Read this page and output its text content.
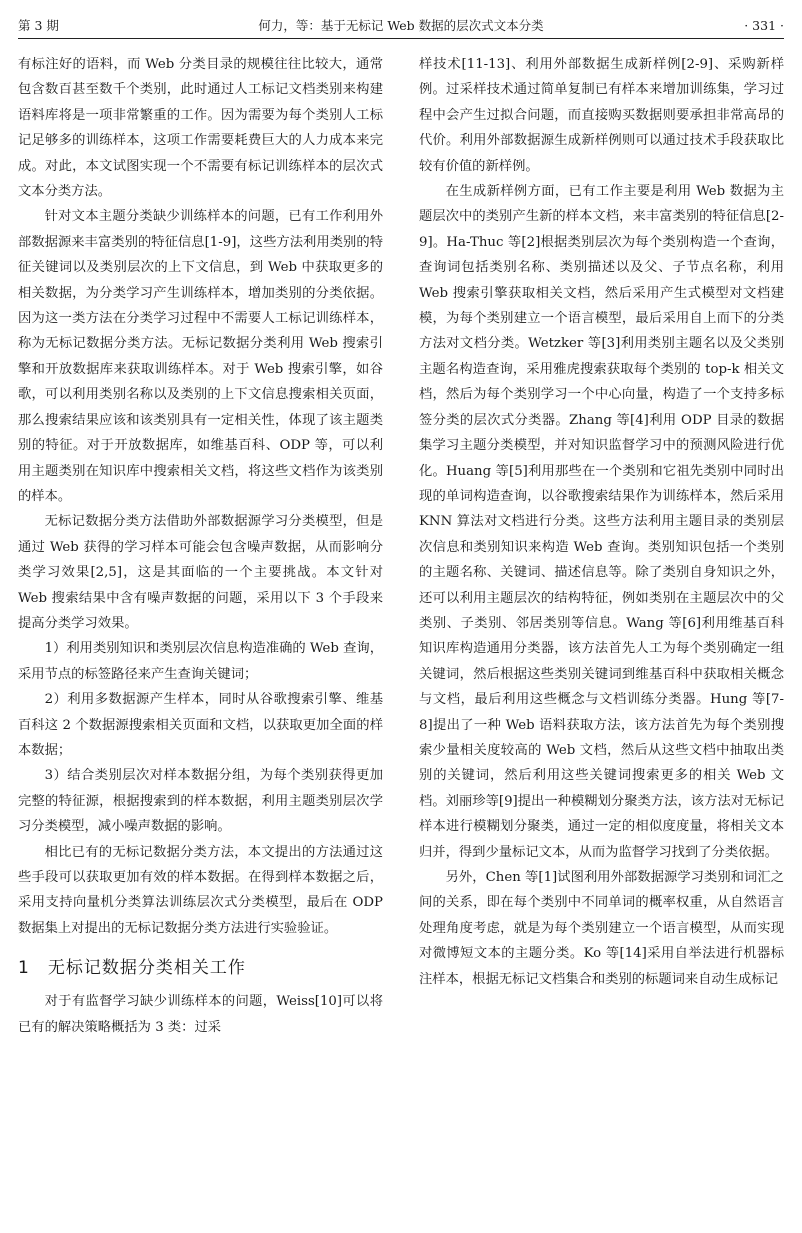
第 3 期	何力，等：基于无标记 Web 数据的层次式文本分类	· 331 ·

有标注好的语料，而 Web 分类目录的规模往往比较大，通常包含数百甚至数千个类别，此时通过人工标记文档类别来构建语料库将是一项非常繁重的工作。因为需要为每个类别人工标记足够多的训练样本，这项工作需要耗费巨大的人力成本来完成。对此，本文试图实现一个不需要有标记训练样本的层次式文本分类方法。

针对文本主题分类缺少训练样本的问题，已有工作利用外部数据源来丰富类别的特征信息[1-9]，这些方法利用类别的特征关键词以及类别层次的上下文信息，到 Web 中获取更多的相关数据，为分类学习产生训练样本，增加类别的分类依据。因为这一类方法在分类学习过程中不需要人工标记训练样本，称为无标记数据分类方法。无标记数据分类利用 Web 搜索引擎和开放数据库来获取训练样本。对于 Web 搜索引擎，如谷歌，可以利用类别名称以及类别的上下文信息搜索相关页面，那么搜索结果应该和该类别具有一定相关性，体现了该主题类别的特征。对于开放数据库，如维基百科、ODP 等，可以利用主题类别在知识库中搜索相关文档，将这些文档作为该类别的样本。

无标记数据分类方法借助外部数据源学习分类模型，但是通过 Web 获得的学习样本可能会包含噪声数据，从而影响分类学习效果[2,5]，这是其面临的一个主要挑战。本文针对 Web 搜索结果中含有噪声数据的问题，采用以下 3 个手段来提高分类学习效果。

1）利用类别知识和类别层次信息构造准确的 Web 查询，采用节点的标签路径来产生查询关键词；

2）利用多数据源产生样本，同时从谷歌搜索引擎、维基百科这 2 个数据源搜索相关页面和文档，以获取更加全面的样本数据；

3）结合类别层次对样本数据分组，为每个类别获得更加完整的特征源，根据搜索到的样本数据，利用主题类别层次学习分类模型，减小噪声数据的影响。

相比已有的无标记数据分类方法，本文提出的方法通过这些手段可以获取更加有效的样本数据。在得到样本数据之后，采用支持向量机分类算法训练层次式分类模型，最后在 ODP 数据集上对提出的无标记数据分类方法进行实验验证。

1 无标记数据分类相关工作

对于有监督学习缺少训练样本的问题，Weiss[10]可以将已有的解决策略概括为 3 类：过采

样技术[11-13]、利用外部数据生成新样例[2-9]、采购新样例。过采样技术通过简单复制已有样本来增加训练集，学习过程中会产生过拟合问题，而直接购买数据则要承担非常高昂的代价。利用外部数据源生成新样例则可以通过技术手段获取比较有价值的新样例。

在生成新样例方面，已有工作主要是利用 Web 数据为主题层次中的类别产生新的样本文档，来丰富类别的特征信息[2-9]。Ha-Thuc 等[2]根据类别层次为每个类别构造一个查询，查询词包括类别名称、类别描述以及父、子节点名称，利用 Web 搜索引擎获取相关文档，然后采用产生式模型对文档建模，为每个类别建立一个语言模型，最后采用自上而下的分类方法对文档分类。Wetzker 等[3]利用类别主题名以及父类别主题名构造查询，采用雅虎搜索获取每个类别的 top-k 相关文档，然后为每个类别学习一个中心向量，构造了一个支持多标签分类的层次式分类器。Zhang 等[4]利用 ODP 目录的数据集学习主题分类模型，并对知识监督学习中的预测风险进行优化。Huang 等[5]利用那些在一个类别和它祖先类别中同时出现的单词构造查询，以谷歌搜索结果作为训练样本，然后采用 KNN 算法对文档进行分类。这些方法利用主题目录的类别层次信息和类别知识来构造 Web 查询。类别知识包括一个类别的主题名称、关键词、描述信息等。除了类别自身知识之外，还可以利用主题层次的结构特征，例如类别在主题层次中的父类别、子类别、邻居类别等信息。Wang 等[6]利用维基百科知识库构造通用分类器，该方法首先人工为每个类别确定一组关键词，然后根据这些类别关键词到维基百科中获取相关概念与文档，最后利用这些概念与文档训练分类器。Hung 等[7-8]提出了一种 Web 语料获取方法，该方法首先为每个类别搜索少量相关度较高的 Web 文档，然后从这些文档中抽取出类别的关键词，然后利用这些关键词搜索更多的相关 Web 文档。刘丽珍等[9]提出一种模糊划分聚类方法，该方法对无标记样本进行模糊划分聚类，通过一定的相似度度量，将相关文本归并，得到少量标记文本，从而为监督学习找到了分类依据。

另外，Chen 等[1]试图利用外部数据源学习类别和词汇之间的关系，即在每个类别中不同单词的概率权重，从自然语言处理角度考虑，就是为每个类别建立一个语言模型，从而实现对微博短文本的主题分类。Ko 等[14]采用自举法进行机器标注样本，根据无标记文档集合和类别的标题词来自动生成标记
